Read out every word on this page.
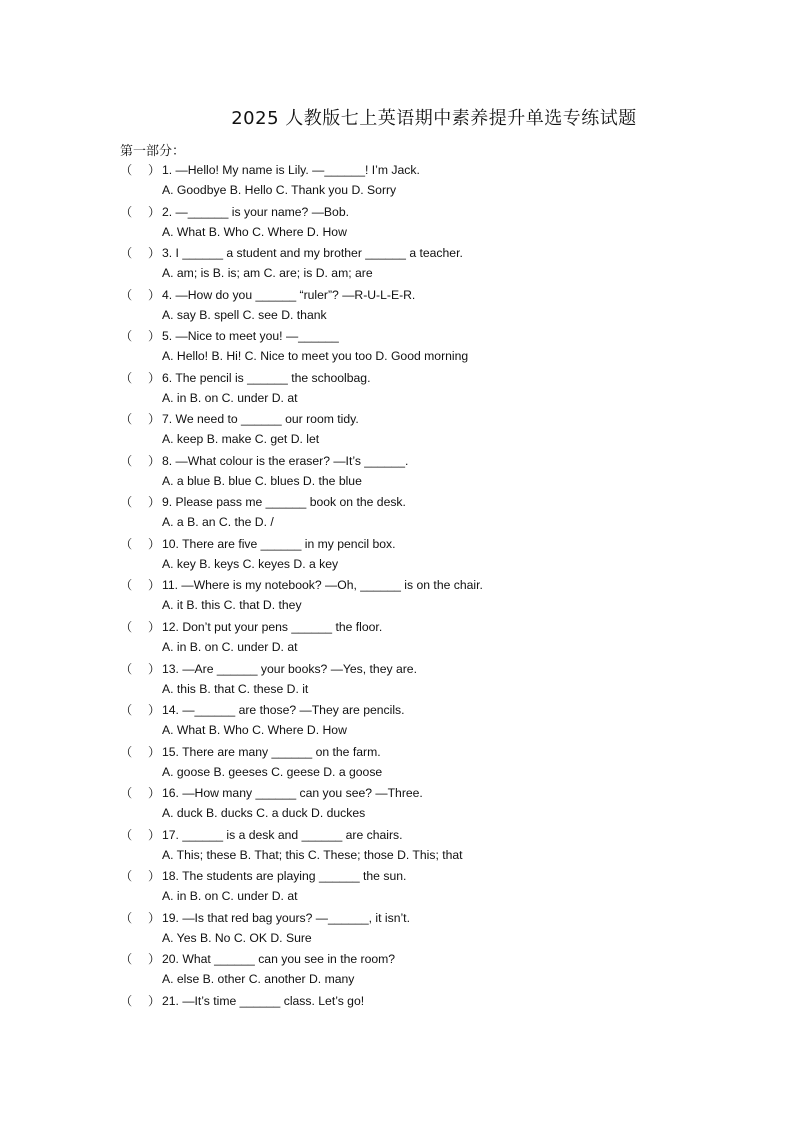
2025 人教版七上英语期中素养提升单选专练试题
第一部分：
（ ） 1. —Hello! My name is Lily. —______! I’m Jack.
A. Goodbye B. Hello C. Thank you D. Sorry
（ ） 2. —______ is your name? —Bob.
A. What B. Who C. Where D. How
（ ） 3. I ______ a student and my brother ______ a teacher.
A. am; is B. is; am C. are; is D. am; are
（ ） 4. —How do you ______ “ruler”? —R-U-L-E-R.
A. say B. spell C. see D. thank
（ ） 5. —Nice to meet you! —______
A. Hello! B. Hi! C. Nice to meet you too D. Good morning
（ ） 6. The pencil is ______ the schoolbag.
A. in B. on C. under D. at
（ ） 7. We need to ______ our room tidy.
A. keep B. make C. get D. let
（ ） 8. —What colour is the eraser? —It’s ______.
A. a blue B. blue C. blues D. the blue
（ ） 9. Please pass me ______ book on the desk.
A. a B. an C. the D. /
（ ） 10. There are five ______ in my pencil box.
A. key B. keys C. keyes D. a key
（ ） 11. —Where is my notebook? —Oh, ______ is on the chair.
A. it B. this C. that D. they
（ ） 12. Don’t put your pens ______ the floor.
A. in B. on C. under D. at
（ ） 13. —Are ______ your books? —Yes, they are.
A. this B. that C. these D. it
（ ） 14. —______ are those? —They are pencils.
A. What B. Who C. Where D. How
（ ） 15. There are many ______ on the farm.
A. goose B. geeses C. geese D. a goose
（ ） 16. —How many ______ can you see? —Three.
A. duck B. ducks C. a duck D. duckes
（ ） 17. ______ is a desk and ______ are chairs.
A. This; these B. That; this C. These; those D. This; that
（ ） 18. The students are playing ______ the sun.
A. in B. on C. under D. at
（ ） 19. —Is that red bag yours? —______, it isn’t.
A. Yes B. No C. OK D. Sure
（ ） 20. What ______ can you see in the room?
A. else B. other C. another D. many
（ ） 21. —It’s time ______ class. Let’s go!
